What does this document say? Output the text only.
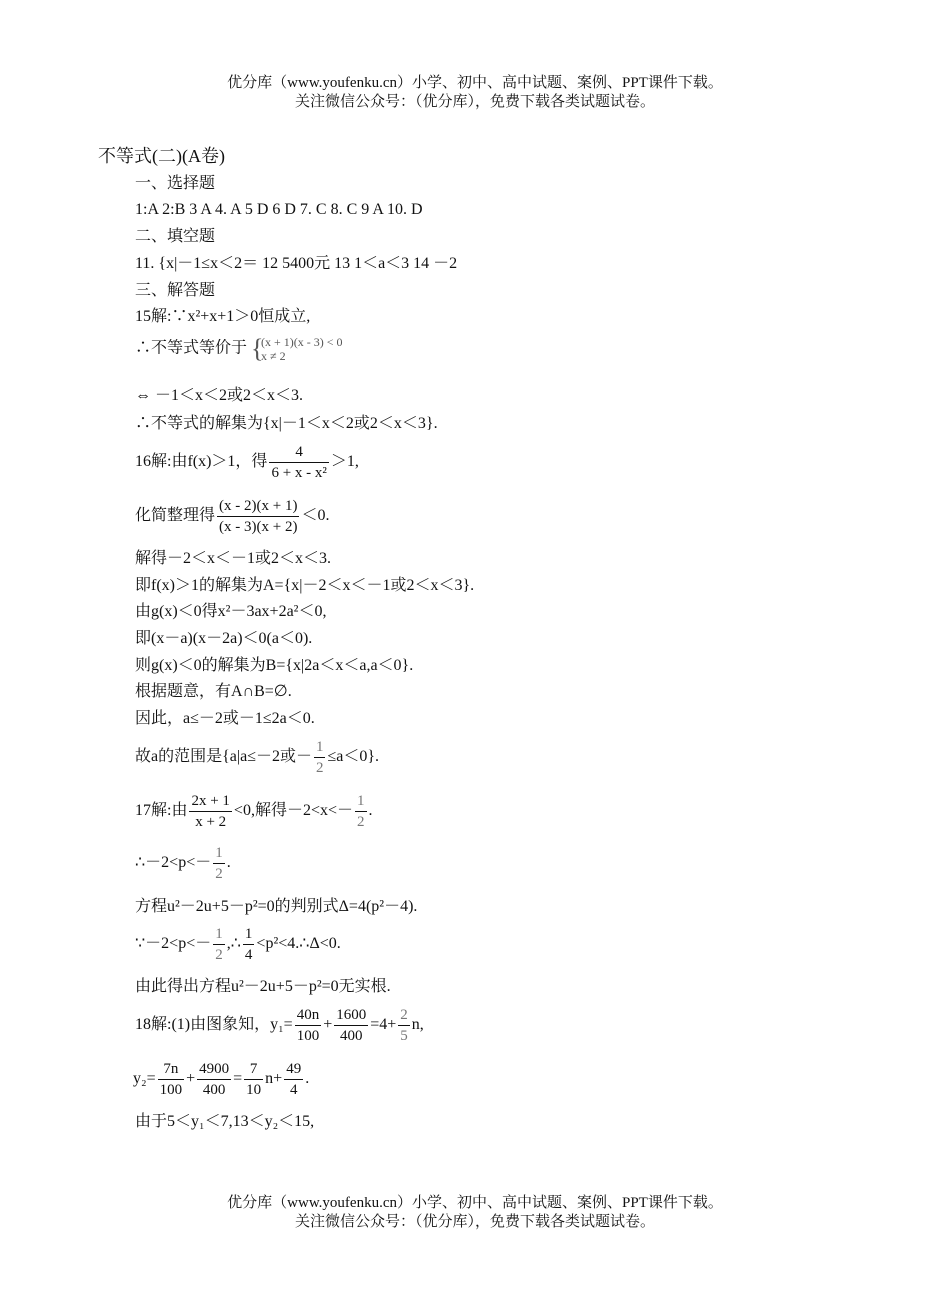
优分库（www.youfenku.cn）小学、初中、高中试题、案例、PPT课件下载。
关注微信公众号：（优分库），免费下载各类试题试卷。
不等式(二)(A卷)
一、选择题
1:A 2:B 3 A 4. A 5 D 6 D 7. C 8. C 9 A 10. D
二、填空题
11. {x|－1≤x＜2＝ 12 5400元 13 1＜a＜3 14 －2
三、解答题
15解:∵x²+x+1＞0恒成立,
∴不等式等价于 {
(x + 1)(x - 3) < 0
x ≠ 2
⇔ －1＜x＜2或2＜x＜3.
∴不等式的解集为{x|－1＜x＜2或2＜x＜3}.
16解:由f(x)＞1，得 $\frac{4}{\text{6 + x - x²}} >1$,
化简整理得 $\frac{(x - 2)(x + 1)}{(x - 3)(x + 2)} <0$.
解得－2＜x＜－1或2＜x＜3.
即f(x)＞1的解集为A={x|－2＜x＜－1或2＜x＜3}.
由g(x)＜0得x²－3ax+2a²＜0,
即(x－a)(x－2a)＜0(a＜0).
则g(x)＜0的解集为B={x|2a＜x＜a,a＜0}.
根据题意，有A∩B=∅.
因此，a≤－2或－1≤2a＜0.
故a的范围是{a|a≤－2或－ $\frac{1}{2} \le a<0$}.
17解:由 $\frac{2x + 1}{x + 2} <0$,解得$-2<x<- \frac{1}{2}$ .
∴－2<p<－ $\frac{1}{2}$ .
方程u²－2u+5－p²=0的判别式Δ=4(p²－4).
∵－2<p<－ $\frac{1}{2}$ ,∴ $\frac{1}{4}$ <p²<4.∴Δ<0.
由此得出方程u²－2u+5－p²=0无实根.
18解:(1)由图象知，$y_1= \frac{40n}{100} + \frac{1600}{400} =4+ \frac{2}{5} n$,
$y_2= \frac{7n}{100} + \frac{4900}{400} = \frac{7}{10} n+ \frac{49}{4}$ .
由于5＜y₁＜7,13＜y₂＜15,
优分库（www.youfenku.cn）小学、初中、高中试题、案例、PPT课件下载。
关注微信公众号：（优分库），免费下载各类试题试卷。
